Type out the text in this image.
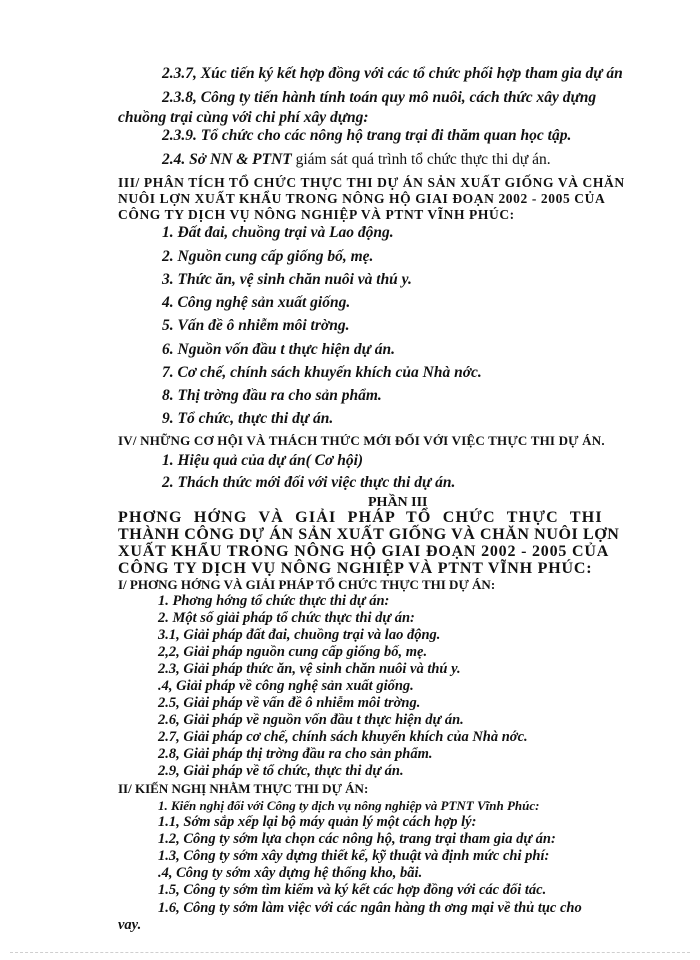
2.3.7, Xúc tiến ký kết hợp đồng với các tổ chức phối hợp tham gia dự án
2.3.8, Công ty tiến hành tính toán quy mô nuôi, cách thức xây dựng
chuồng trại cùng với chi phí xây dựng:
2.3.9. Tổ chức cho các nông hộ trang trại đi thăm quan học tập.
2.4. Sở NN & PTNT giám sát quá trình tổ chức thực thi dự án.
III/ PHÂN TÍCH TỔ CHỨC THỰC THI DỰ ÁN SẢN XUẤT GIỐNG VÀ CHĂN
NUÔI LỢN XUẤT KHẨU TRONG NÔNG HỘ GIAI ĐOẠN 2002 - 2005 CỦA
CÔNG TY DỊCH VỤ NÔNG NGHIỆP VÀ PTNT VĨNH PHÚC:
1. Đất đai, chuồng trại và Lao động.
2. Nguồn cung cấp giống bố, mẹ.
3. Thức ăn, vệ sinh chăn nuôi và thú y.
4. Công nghệ sản xuất giống.
5. Vấn đề ô nhiễm môi trờng.
6. Nguồn vốn đầu t thực hiện dự án.
7. Cơ chế, chính sách khuyến khích của Nhà nớc.
8. Thị trờng đầu ra cho sản phẩm.
9. Tổ chức, thực thi dự án.
IV/ NHỮNG CƠ HỘI VÀ THÁCH THỨC MỚI ĐỐI VỚI VIỆC THỰC THI DỰ ÁN.
1. Hiệu quả của dự án( Cơ hội)
2. Thách thức mới đối với việc thực thi dự án.
PHẦN III
PHƠNG HỚNG VÀ GIẢI PHÁP TỔ CHỨC THỰC THI
THÀNH CÔNG DỰ ÁN SẢN XUẤT GIỐNG VÀ CHĂN NUÔI LỢN
XUẤT KHẨU TRONG NÔNG HỘ GIAI ĐOẠN 2002 - 2005 CỦA
CÔNG TY DỊCH VỤ NÔNG NGHIỆP VÀ PTNT VĨNH PHÚC:
I/ PHƠNG HỚNG VÀ GIẢI PHÁP TỔ CHỨC THỰC THI DỰ ÁN:
1. Phơng hớng tổ chức thực thi dự án:
2. Một số giải pháp tổ chức thực thi dự án:
3.1, Giải pháp đất đai, chuồng trại và lao động.
2,2, Giải pháp nguồn cung cấp giống bố, mẹ.
2.3, Giải pháp thức ăn, vệ sinh chăn nuôi và thú y.
.4, Giải pháp về công nghệ sản xuất giống.
2.5, Giải pháp về vấn đề ô nhiễm môi trờng.
2.6, Giải pháp về nguồn vốn đầu t thực hiện dự án.
2.7, Giải pháp cơ chế, chính sách khuyến khích của Nhà nớc.
2.8, Giải pháp thị trờng đầu ra cho sản phẩm.
2.9, Giải pháp về tổ chức, thực thi dự án.
II/ KIẾN NGHỊ NHẰM THỰC THI DỰ ÁN:
1. Kiến nghị đối với Công ty dịch vụ nông nghiệp và PTNT Vĩnh Phúc:
1.1, Sớm sắp xếp lại bộ máy quản lý một cách hợp lý:
1.2, Công ty sớm lựa chọn các nông hộ, trang trại tham gia dự án:
1.3, Công ty sớm xây dựng thiết kế, kỹ thuật và định mức chi phí:
.4, Công ty sớm xây dựng hệ thống kho, bãi.
1.5, Công ty sớm tìm kiếm và ký kết các hợp đồng với các đối tác.
1.6, Công ty sớm làm việc với các ngân hàng th ơng mại về thủ tục cho
vay.
